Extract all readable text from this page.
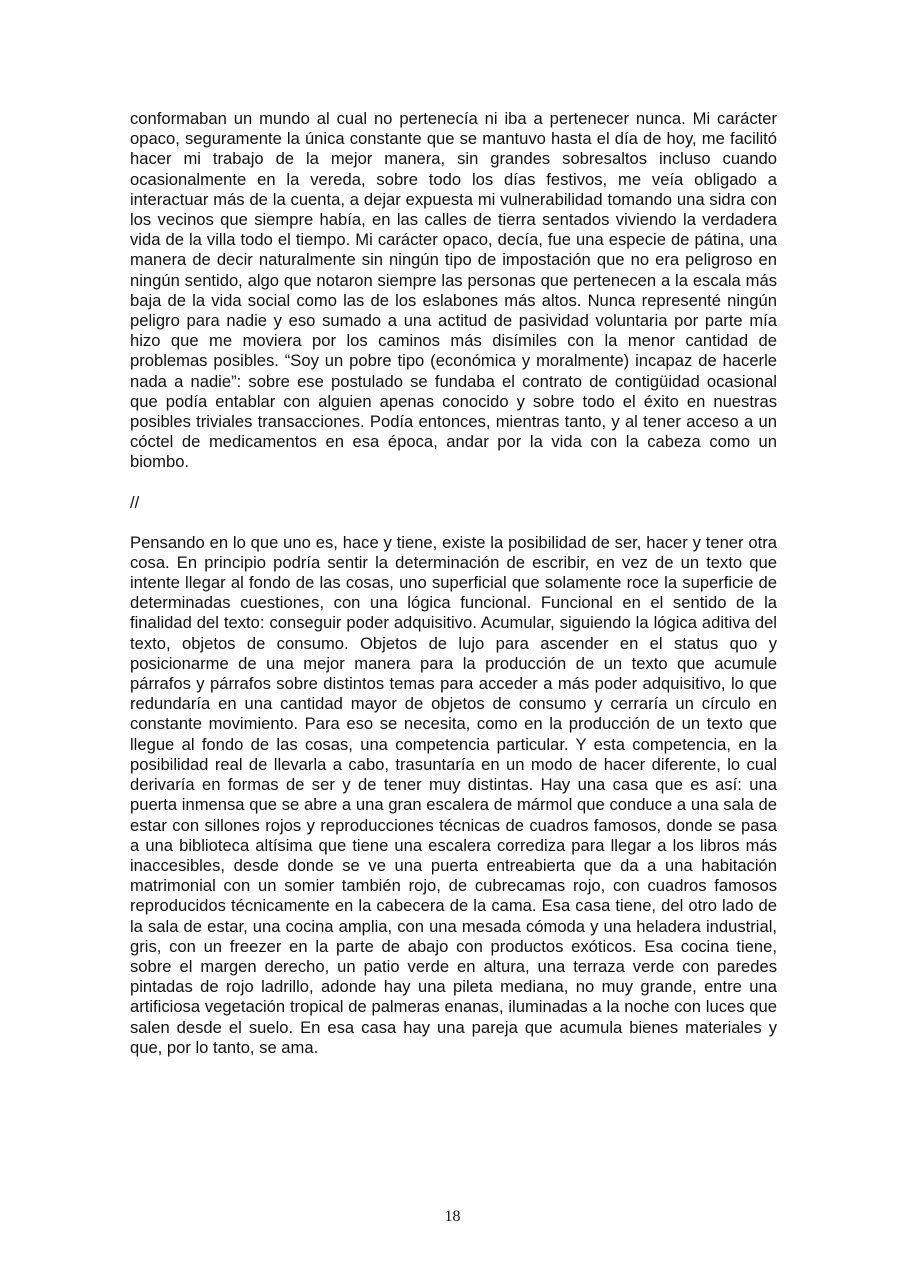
conformaban un mundo al cual no pertenecía ni iba a pertenecer nunca. Mi carácter opaco, seguramente la única constante que se mantuvo hasta el día de hoy, me facilitó hacer mi trabajo de la mejor manera, sin grandes sobresaltos incluso cuando ocasionalmente en la vereda, sobre todo los días festivos, me veía obligado a interactuar más de la cuenta, a dejar expuesta mi vulnerabilidad tomando una sidra con los vecinos que siempre había, en las calles de tierra sentados viviendo la verdadera vida de la villa todo el tiempo. Mi carácter opaco, decía, fue una especie de pátina, una manera de decir naturalmente sin ningún tipo de impostación que no era peligroso en ningún sentido, algo que notaron siempre las personas que pertenecen a la escala más baja de la vida social como las de los eslabones más altos. Nunca representé ningún peligro para nadie y eso sumado a una actitud de pasividad voluntaria por parte mía hizo que me moviera por los caminos más disímiles con la menor cantidad de problemas posibles. “Soy un pobre tipo (económica y moralmente) incapaz de hacerle nada a nadie”: sobre ese postulado se fundaba el contrato de contigüidad ocasional que podía entablar con alguien apenas conocido y sobre todo el éxito en nuestras posibles triviales transacciones. Podía entonces, mientras tanto, y al tener acceso a un cóctel de medicamentos en esa época, andar por la vida con la cabeza como un biombo.

//

Pensando en lo que uno es, hace y tiene, existe la posibilidad de ser, hacer y tener otra cosa. En principio podría sentir la determinación de escribir, en vez de un texto que intente llegar al fondo de las cosas, uno superficial que solamente roce la superficie de determinadas cuestiones, con una lógica funcional. Funcional en el sentido de la finalidad del texto: conseguir poder adquisitivo. Acumular, siguiendo la lógica aditiva del texto, objetos de consumo. Objetos de lujo para ascender en el status quo y posicionarme de una mejor manera para la producción de un texto que acumule párrafos y párrafos sobre distintos temas para acceder a más poder adquisitivo, lo que redundaría en una cantidad mayor de objetos de consumo y cerraría un círculo en constante movimiento. Para eso se necesita, como en la producción de un texto que llegue al fondo de las cosas, una competencia particular. Y esta competencia, en la posibilidad real de llevarla a cabo, trasuntaría en un modo de hacer diferente, lo cual derivaría en formas de ser y de tener muy distintas. Hay una casa que es así: una puerta inmensa que se abre a una gran escalera de mármol que conduce a una sala de estar con sillones rojos y reproducciones técnicas de cuadros famosos, donde se pasa a una biblioteca altísima que tiene una escalera corrediza para llegar a los libros más inaccesibles, desde donde se ve una puerta entreabierta que da a una habitación matrimonial con un somier también rojo, de cubrecamas rojo, con cuadros famosos reproducidos técnicamente en la cabecera de la cama. Esa casa tiene, del otro lado de la sala de estar, una cocina amplia, con una mesada cómoda y una heladera industrial, gris, con un freezer en la parte de abajo con productos exóticos. Esa cocina tiene, sobre el margen derecho, un patio verde en altura, una terraza verde con paredes pintadas de rojo ladrillo, adonde hay una pileta mediana, no muy grande, entre una artificiosa vegetación tropical de palmeras enanas, iluminadas a la noche con luces que salen desde el suelo. En esa casa hay una pareja que acumula bienes materiales y que, por lo tanto, se ama.

18
